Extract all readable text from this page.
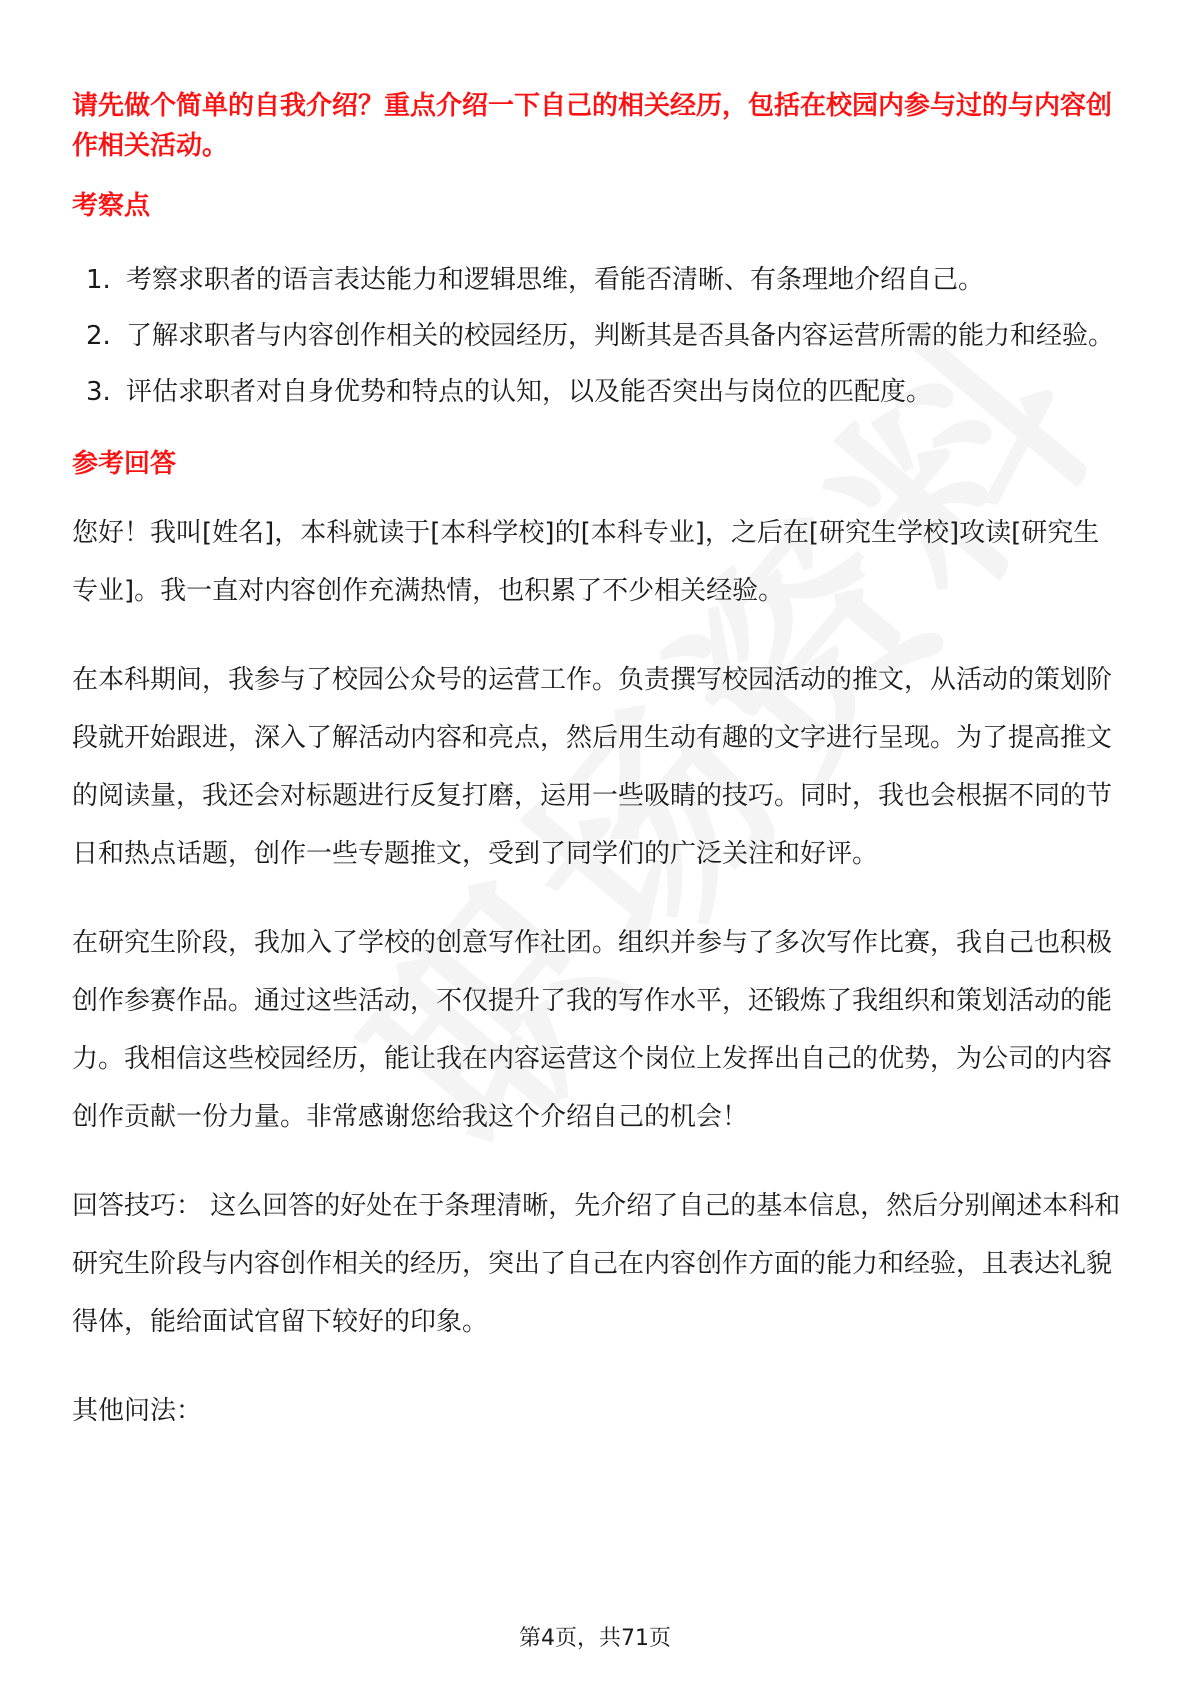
请先做个简单的自我介绍？重点介绍一下自己的相关经历，包括在校园内参与过的与内容创作相关活动。

考察点

1. 考察求职者的语言表达能力和逻辑思维，看能否清晰、有条理地介绍自己。
2. 了解求职者与内容创作相关的校园经历，判断其是否具备内容运营所需的能力和经验。
3. 评估求职者对自身优势和特点的认知，以及能否突出与岗位的匹配度。

参考回答

您好！我叫[姓名]，本科就读于[本科学校]的[本科专业]，之后在[研究生学校]攻读[研究生专业]。我一直对内容创作充满热情，也积累了不少相关经验。

在本科期间，我参与了校园公众号的运营工作。负责撰写校园活动的推文，从活动的策划阶段就开始跟进，深入了解活动内容和亮点，然后用生动有趣的文字进行呈现。为了提高推文的阅读量，我还会对标题进行反复打磨，运用一些吸睛的技巧。同时，我也会根据不同的节日和热点话题，创作一些专题推文，受到了同学们的广泛关注和好评。

在研究生阶段，我加入了学校的创意写作社团。组织并参与了多次写作比赛，我自己也积极创作参赛作品。通过这些活动，不仅提升了我的写作水平，还锻炼了我组织和策划活动的能力。我相信这些校园经历，能让我在内容运营这个岗位上发挥出自己的优势，为公司的内容创作贡献一份力量。非常感谢您给我这个介绍自己的机会！

回答技巧： 这么回答的好处在于条理清晰，先介绍了自己的基本信息，然后分别阐述本科和研究生阶段与内容创作相关的经历，突出了自己在内容创作方面的能力和经验，且表达礼貌得体，能给面试官留下较好的印象。

其他问法：

第4页，共71页
